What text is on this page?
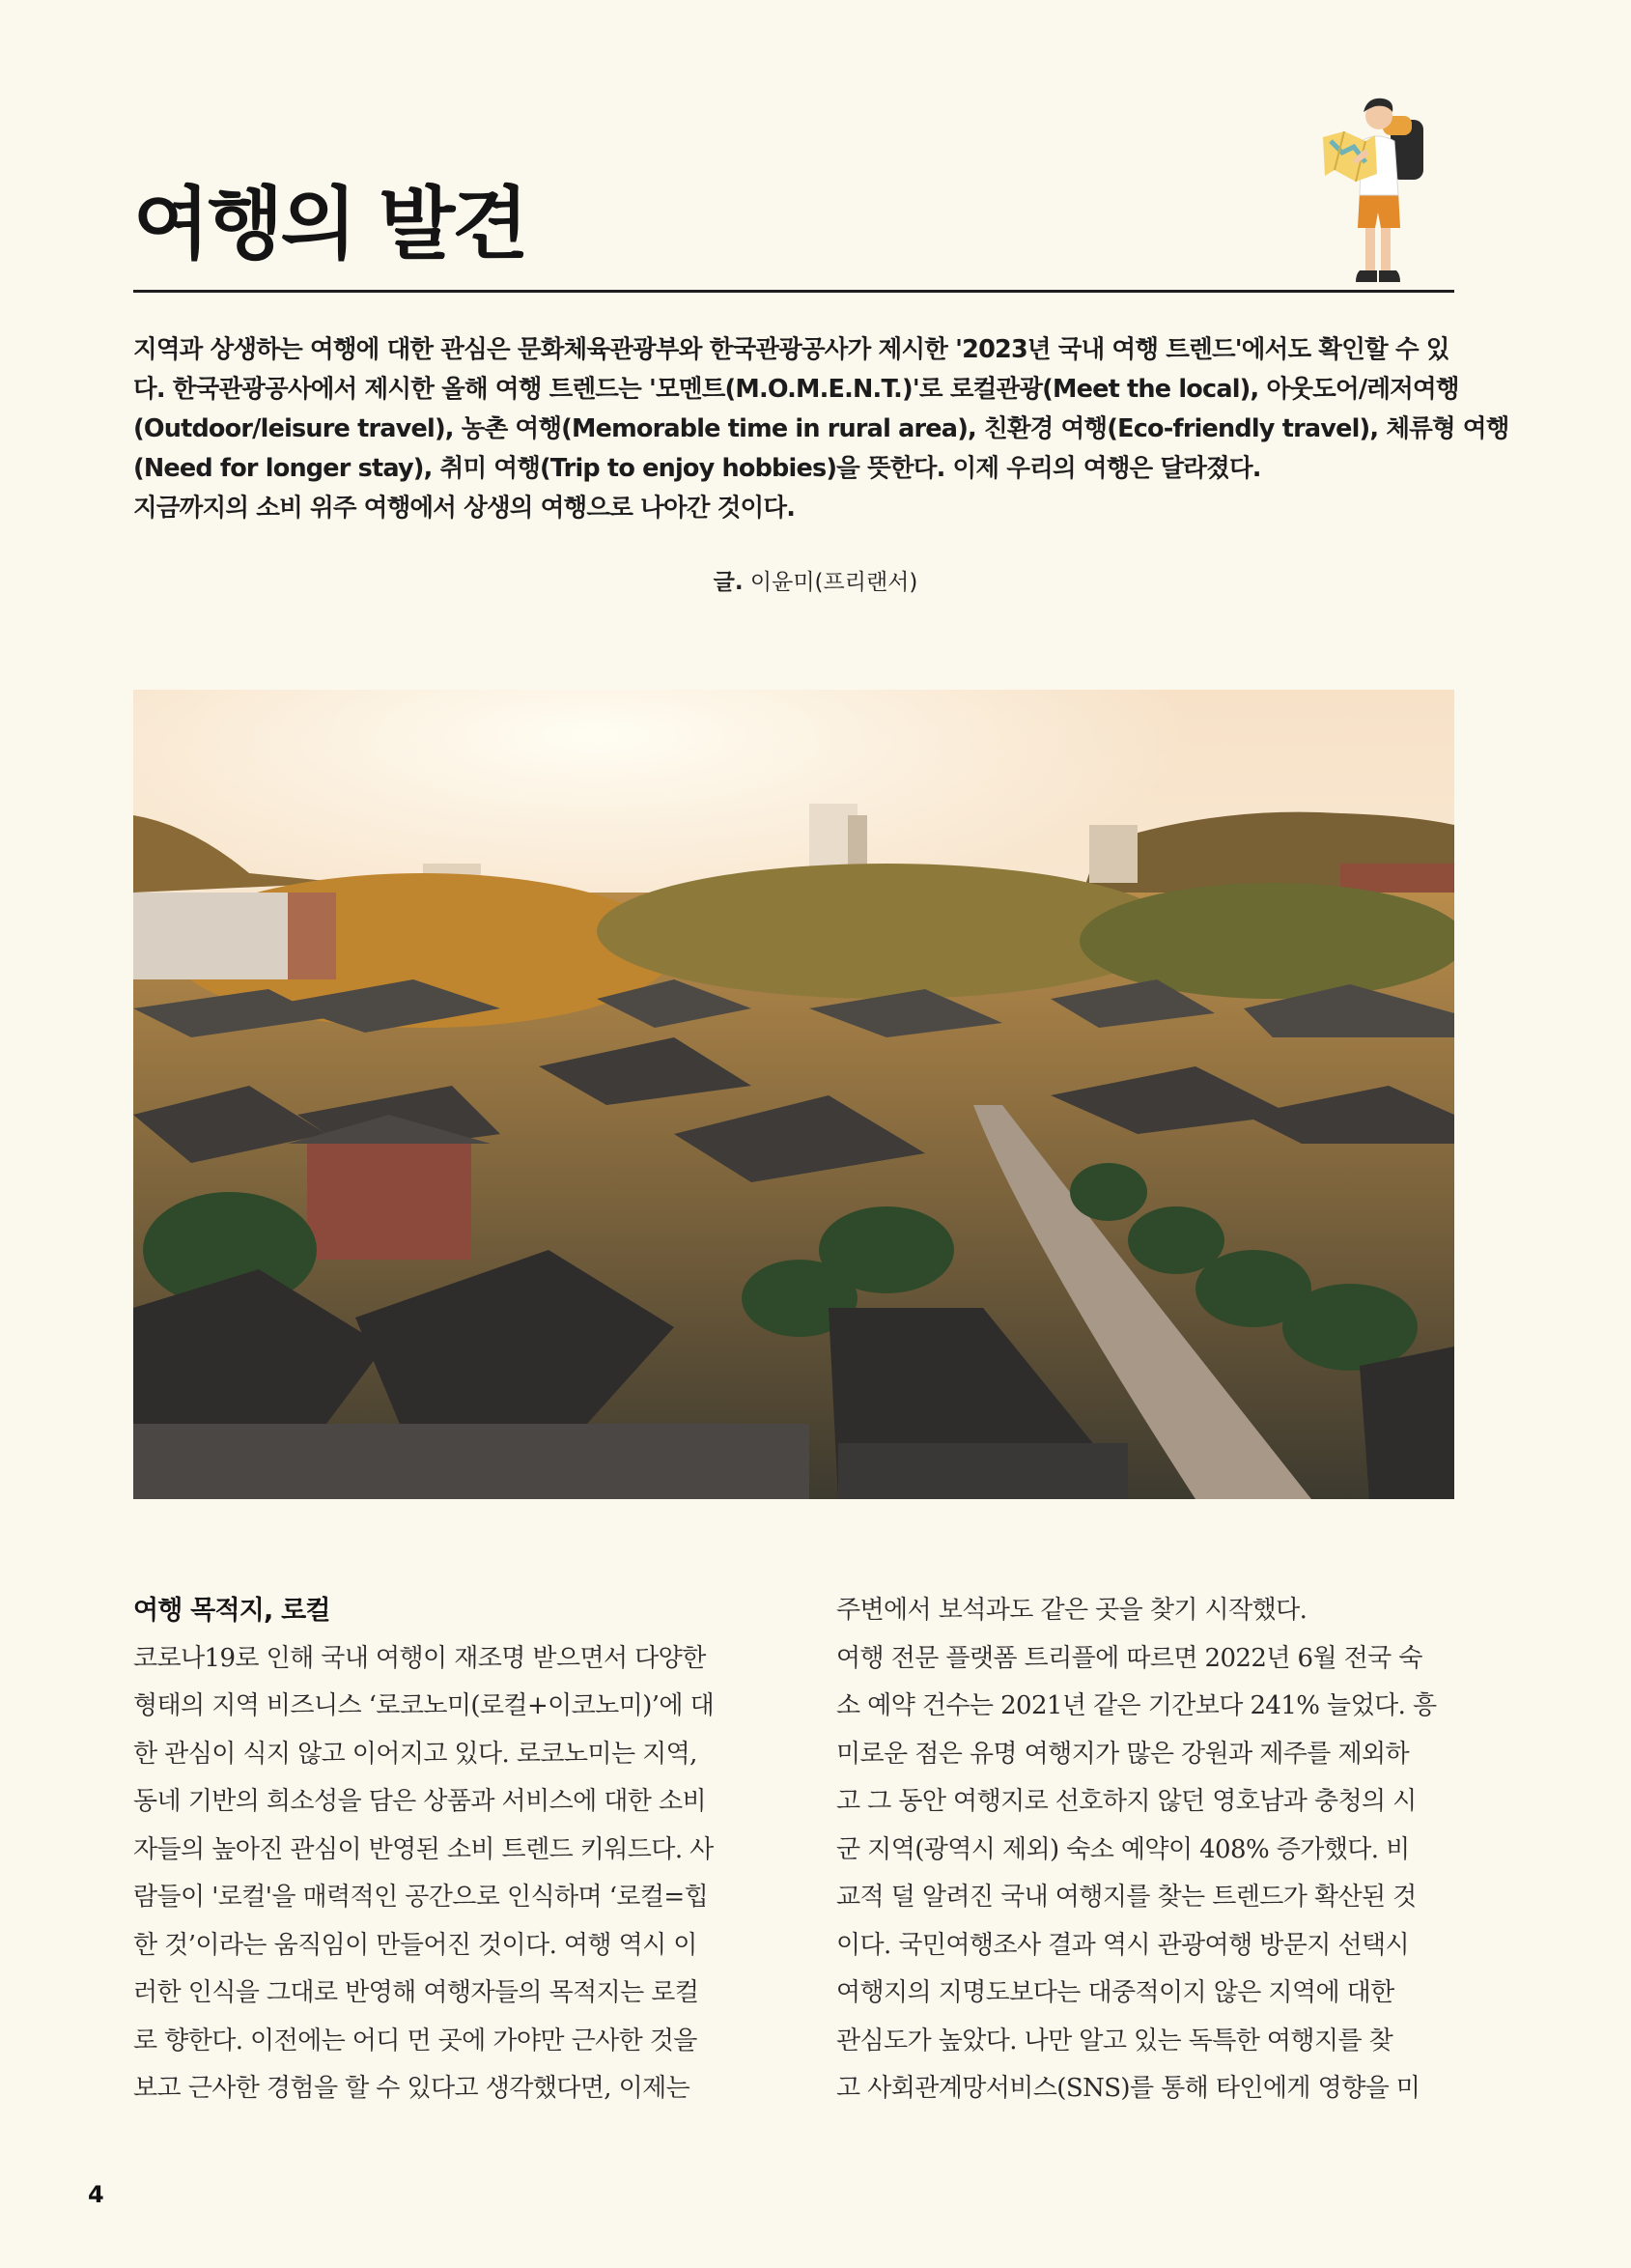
여행의 발견
지역과 상생하는 여행에 대한 관심은 문화체육관광부와 한국관광공사가 제시한 '2023년 국내 여행 트렌드'에서도 확인할 수 있
다. 한국관광공사에서 제시한 올해 여행 트렌드는 '모멘트(M.O.M.E.N.T.)'로 로컬관광(Meet the local), 아웃도어/레저여행
(Outdoor/leisure travel), 농촌 여행(Memorable time in rural area), 친환경 여행(Eco-friendly travel), 체류형 여행
(Need for longer stay), 취미 여행(Trip to enjoy hobbies)을 뜻한다. 이제 우리의 여행은 달라졌다.
지금까지의 소비 위주 여행에서 상생의 여행으로 나아간 것이다.
글. 이윤미(프리랜서)
여행 목적지, 로컬
코로나19로 인해 국내 여행이 재조명 받으면서 다양한
형태의 지역 비즈니스 ‘로코노미(로컬+이코노미)’에 대
한 관심이 식지 않고 이어지고 있다. 로코노미는 지역,
동네 기반의 희소성을 담은 상품과 서비스에 대한 소비
자들의 높아진 관심이 반영된 소비 트렌드 키워드다. 사
람들이 '로컬'을 매력적인 공간으로 인식하며 ‘로컬=힙
한 것’이라는 움직임이 만들어진 것이다. 여행 역시 이
러한 인식을 그대로 반영해 여행자들의 목적지는 로컬
로 향한다. 이전에는 어디 먼 곳에 가야만 근사한 것을
보고 근사한 경험을 할 수 있다고 생각했다면, 이제는
주변에서 보석과도 같은 곳을 찾기 시작했다.
여행 전문 플랫폼 트리플에 따르면 2022년 6월 전국 숙
소 예약 건수는 2021년 같은 기간보다 241% 늘었다. 흥
미로운 점은 유명 여행지가 많은 강원과 제주를 제외하
고 그 동안 여행지로 선호하지 않던 영호남과 충청의 시
군 지역(광역시 제외) 숙소 예약이 408% 증가했다. 비
교적 덜 알려진 국내 여행지를 찾는 트렌드가 확산된 것
이다. 국민여행조사 결과 역시 관광여행 방문지 선택시
여행지의 지명도보다는 대중적이지 않은 지역에 대한
관심도가 높았다. 나만 알고 있는 독특한 여행지를 찾
고 사회관계망서비스(SNS)를 통해 타인에게 영향을 미
4
